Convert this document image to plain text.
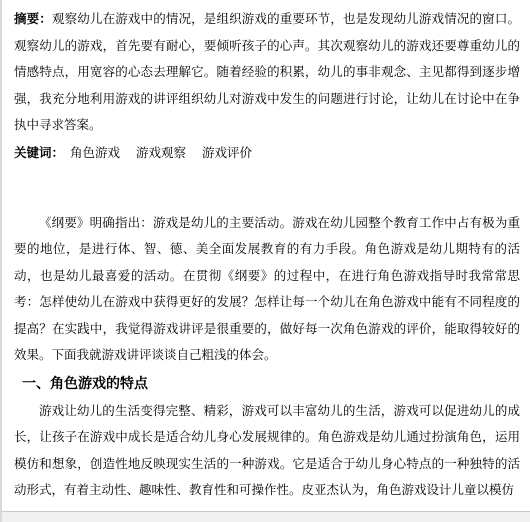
摘要：观察幼儿在游戏中的情况，是组织游戏的重要环节，也是发现幼儿游戏情况的窗口。观察幼儿的游戏，首先要有耐心，要倾听孩子的心声。其次观察幼儿的游戏还要尊重幼儿的情感特点，用宽容的心态去理解它。随着经验的积累，幼儿的事非观念、主见都得到逐步增强，我充分地利用游戏的讲评组织幼儿对游戏中发生的问题进行讨论，让幼儿在讨论中在争执中寻求答案。

关键词： 角色游戏 游戏观察 游戏评价

《纲要》明确指出：游戏是幼儿的主要活动。游戏在幼儿园整个教育工作中占有极为重要的地位，是进行体、智、德、美全面发展教育的有力手段。角色游戏是幼儿期特有的活动，也是幼儿最喜爱的活动。在贯彻《纲要》的过程中，在进行角色游戏指导时我常常思考：怎样使幼儿在游戏中获得更好的发展？怎样让每一个幼儿在角色游戏中能有不同程度的提高？在实践中，我觉得游戏讲评是很重要的，做好每一次角色游戏的评价，能取得较好的效果。下面我就游戏讲评谈谈自己粗浅的体会。

一、角色游戏的特点

游戏让幼儿的生活变得完整、精彩，游戏可以丰富幼儿的生活，游戏可以促进幼儿的成长，让孩子在游戏中成长是适合幼儿身心发展规律的。角色游戏是幼儿通过扮演角色，运用模仿和想象，创造性地反映现实生活的一种游戏。它是适合于幼儿身心特点的一种独特的活动形式，有着主动性、趣味性、教育性和可操作性。皮亚杰认为，角色游戏设计儿童以模仿
